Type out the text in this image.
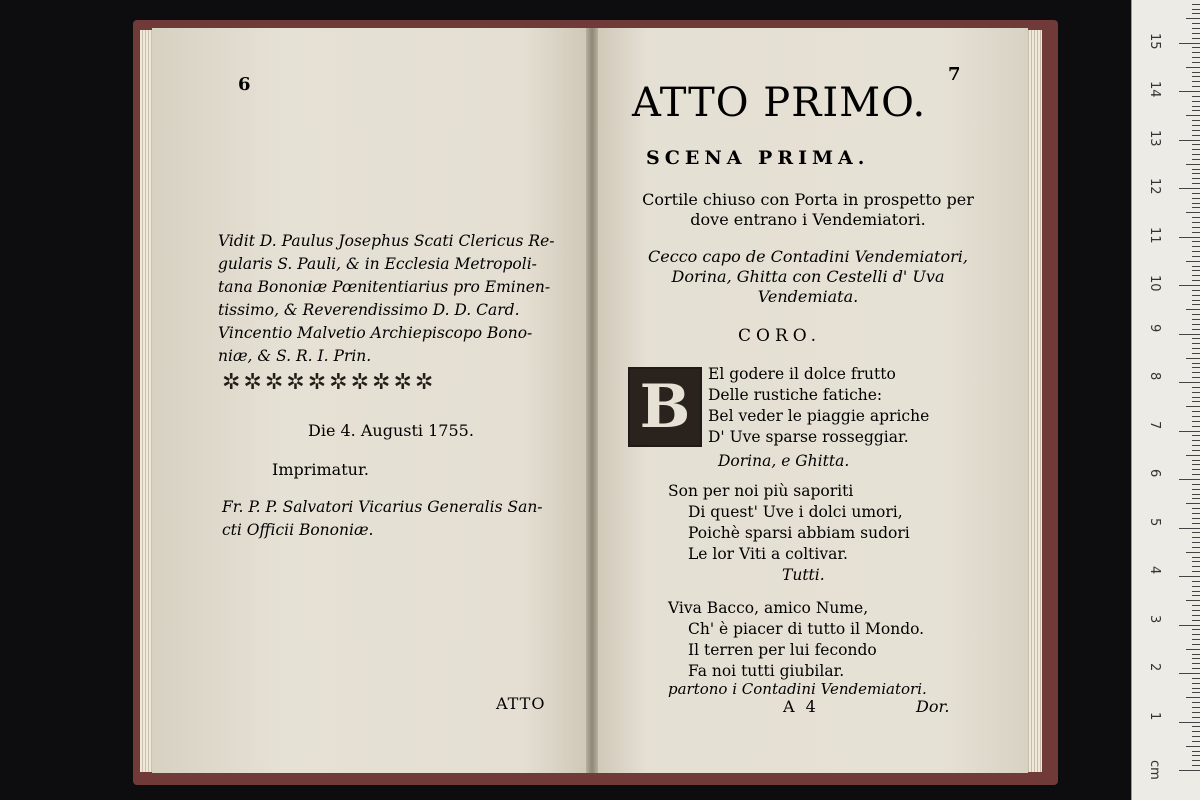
6
Vidit D. Paulus Josephus Scati Clericus Re-
gularis S. Pauli, & in Ecclesia Metropoli-
tana Bononiæ Pœnitentiarius pro Eminen-
tissimo, & Reverendissimo D. D. Card.
Vincentio Malvetio Archiepiscopo Bono-
niæ, & S. R. I. Prin.
✲✲✲✲✲✲✲✲✲✲
Die 4. Augusti 1755.
Imprimatur.
Fr. P. P. Salvatori Vicarius Generalis San-
cti Officii Bononiæ.
ATTO
7
ATTO PRIMO.
SCENA PRIMA.
Cortile chiuso con Porta in prospetto per
dove entrano i Vendemiatori.
Cecco capo de Contadini Vendemiatori,
Dorina, Ghitta con Cestelli d' Uva
Vendemiata.
CORO.
B	El godere il dolce frutto
Delle rustiche fatiche:
Bel veder le piaggie apriche
D' Uve sparse rosseggiar.
Dorina, e Ghitta.
Son per noi più saporiti
Di quest' Uve i dolci umori,
Poichè sparsi abbiam sudori
Le lor Viti a coltivar.
Tutti.
Viva Bacco, amico Nume,
Ch' è piacer di tutto il Mondo.
Il terren per lui fecondo
Fa noi tutti giubilar.
partono i Contadini Vendemiatori.
A 4	Dor.
cm
1
2
3
4
5
6
7
8
9
10
11
12
13
14
15
